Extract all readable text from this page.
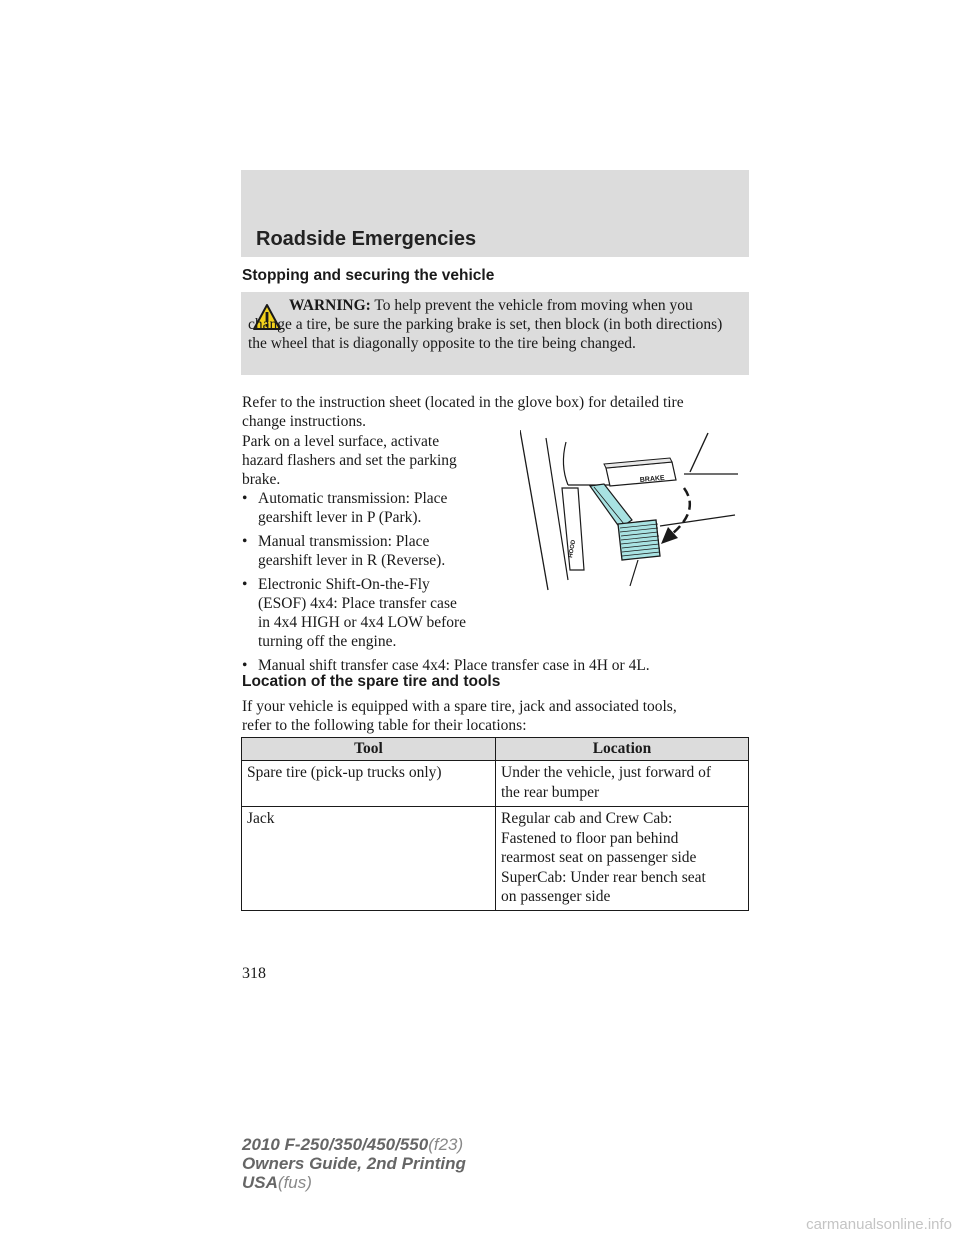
Roadside Emergencies
Stopping and securing the vehicle

WARNING: To help prevent the vehicle from moving when you change a tire, be sure the parking brake is set, then block (in both directions) the wheel that is diagonally opposite to the tire being changed.

Refer to the instruction sheet (located in the glove box) for detailed tire
change instructions.

Park on a level surface, activate
hazard flashers and set the parking
brake.

• Automatic transmission: Place
gearshift lever in P (Park).
• Manual transmission: Place
gearshift lever in R (Reverse).
• Electronic Shift-On-the-Fly
(ESOF) 4x4: Place transfer case
in 4x4 HIGH or 4x4 LOW before
turning off the engine.
• Manual shift transfer case 4x4: Place transfer case in 4H or 4L.
BRAKE
HOOD
Location of the spare tire and tools

If your vehicle is equipped with a spare tire, jack and associated tools,
refer to the following table for their locations:

Tool	Location
Spare tire (pick-up trucks only)	Under the vehicle, just forward of
the rear bumper
Jack	Regular cab and Crew Cab:
Fastened to floor pan behind
rearmost seat on passenger side
SuperCab: Under rear bench seat
on passenger side

318

2010 F-250/350/450/550(f23)
Owners Guide, 2nd Printing
USA(fus)

carmanualsonline.info
